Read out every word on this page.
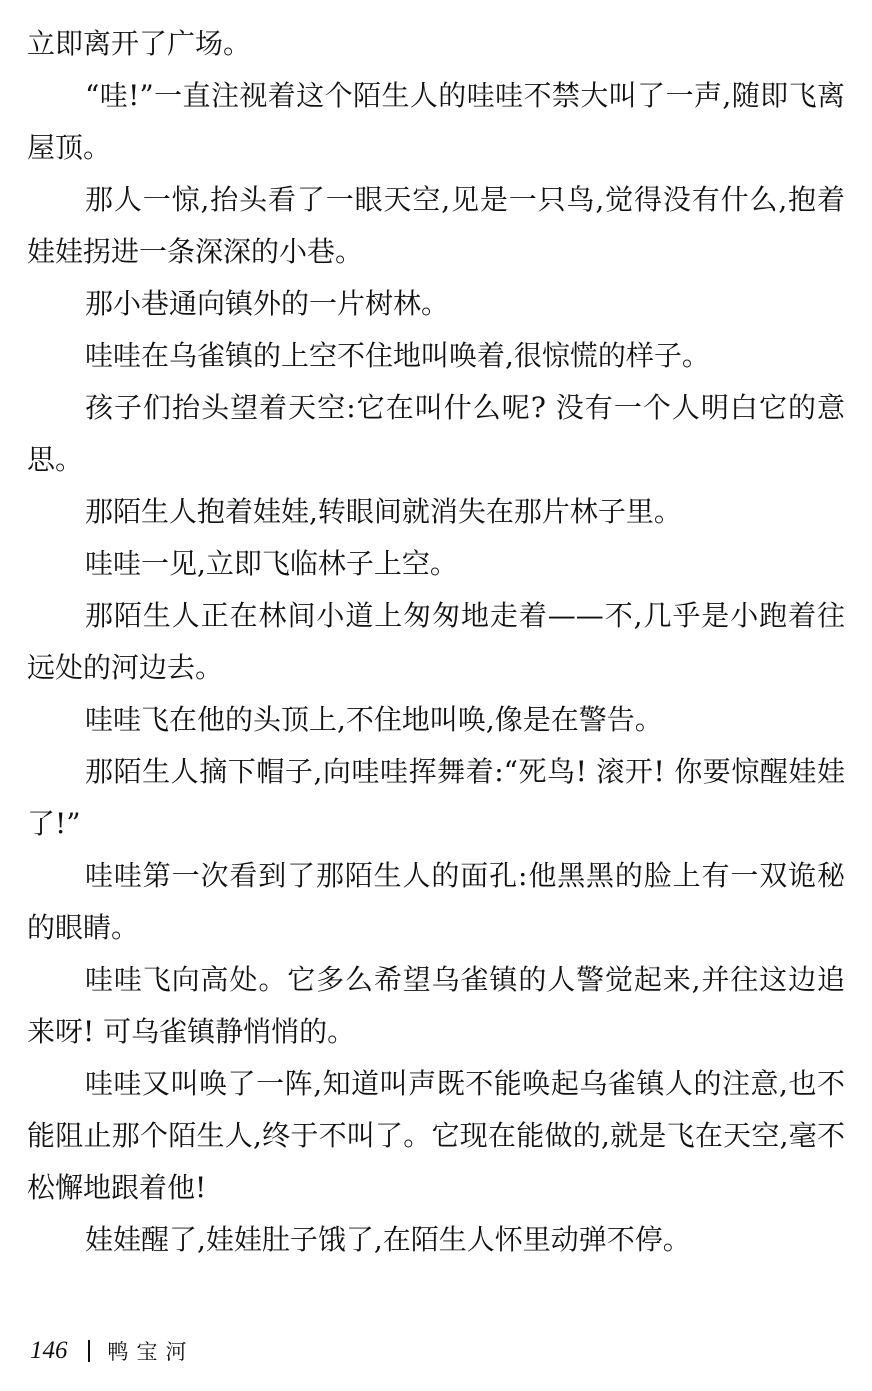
立即离开了广场。

“哇!”一直注视着这个陌生人的哇哇不禁大叫了一声,随即飞离屋顶。

那人一惊,抬头看了一眼天空,见是一只鸟,觉得没有什么,抱着娃娃拐进一条深深的小巷。

那小巷通向镇外的一片树林。

哇哇在乌雀镇的上空不住地叫唤着,很惊慌的样子。

孩子们抬头望着天空:它在叫什么呢? 没有一个人明白它的意思。

那陌生人抱着娃娃,转眼间就消失在那片林子里。

哇哇一见,立即飞临林子上空。

那陌生人正在林间小道上匆匆地走着——不,几乎是小跑着往远处的河边去。

哇哇飞在他的头顶上,不住地叫唤,像是在警告。

那陌生人摘下帽子,向哇哇挥舞着:“死鸟! 滚开! 你要惊醒娃娃了!”

哇哇第一次看到了那陌生人的面孔:他黑黑的脸上有一双诡秘的眼睛。

哇哇飞向高处。它多么希望乌雀镇的人警觉起来,并往这边追来呀! 可乌雀镇静悄悄的。

哇哇又叫唤了一阵,知道叫声既不能唤起乌雀镇人的注意,也不能阻止那个陌生人,终于不叫了。它现在能做的,就是飞在天空,毫不松懈地跟着他!

娃娃醒了,娃娃肚子饿了,在陌生人怀里动弹不停。

146 鸭宝河
